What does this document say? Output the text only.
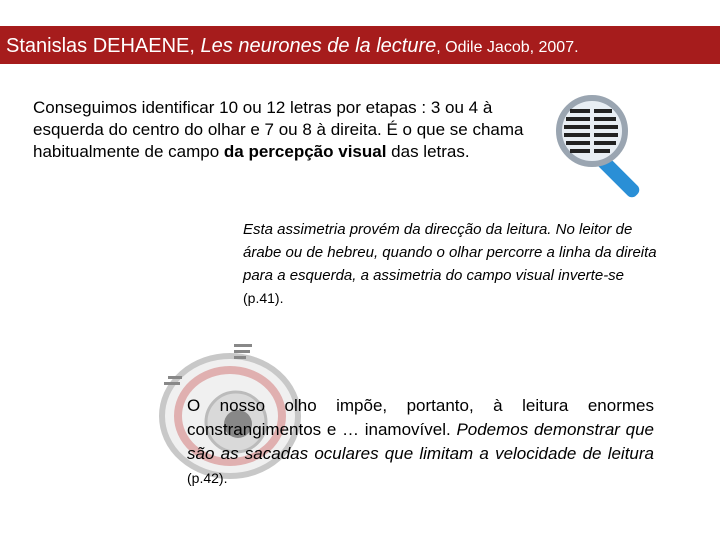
Stanislas DEHAENE, Les neurones de la lecture, Odile Jacob, 2007.
Conseguimos identificar 10 ou 12 letras por etapas : 3 ou 4 à esquerda do centro do olhar e 7 ou 8 à direita. É o que se chama habitualmente de campo da percepção visual das letras.
Esta assimetria provém da direcção da leitura. No leitor de árabe ou de hebreu, quando o olhar percorre a linha da direita para a esquerda, a assimetria do campo visual inverte-se (p.41).
O nosso olho impõe, portanto, à leitura enormes constrangimentos e … inamovível. Podemos demonstrar que são as sacadas oculares que limitam a velocidade de leitura (p.42).
